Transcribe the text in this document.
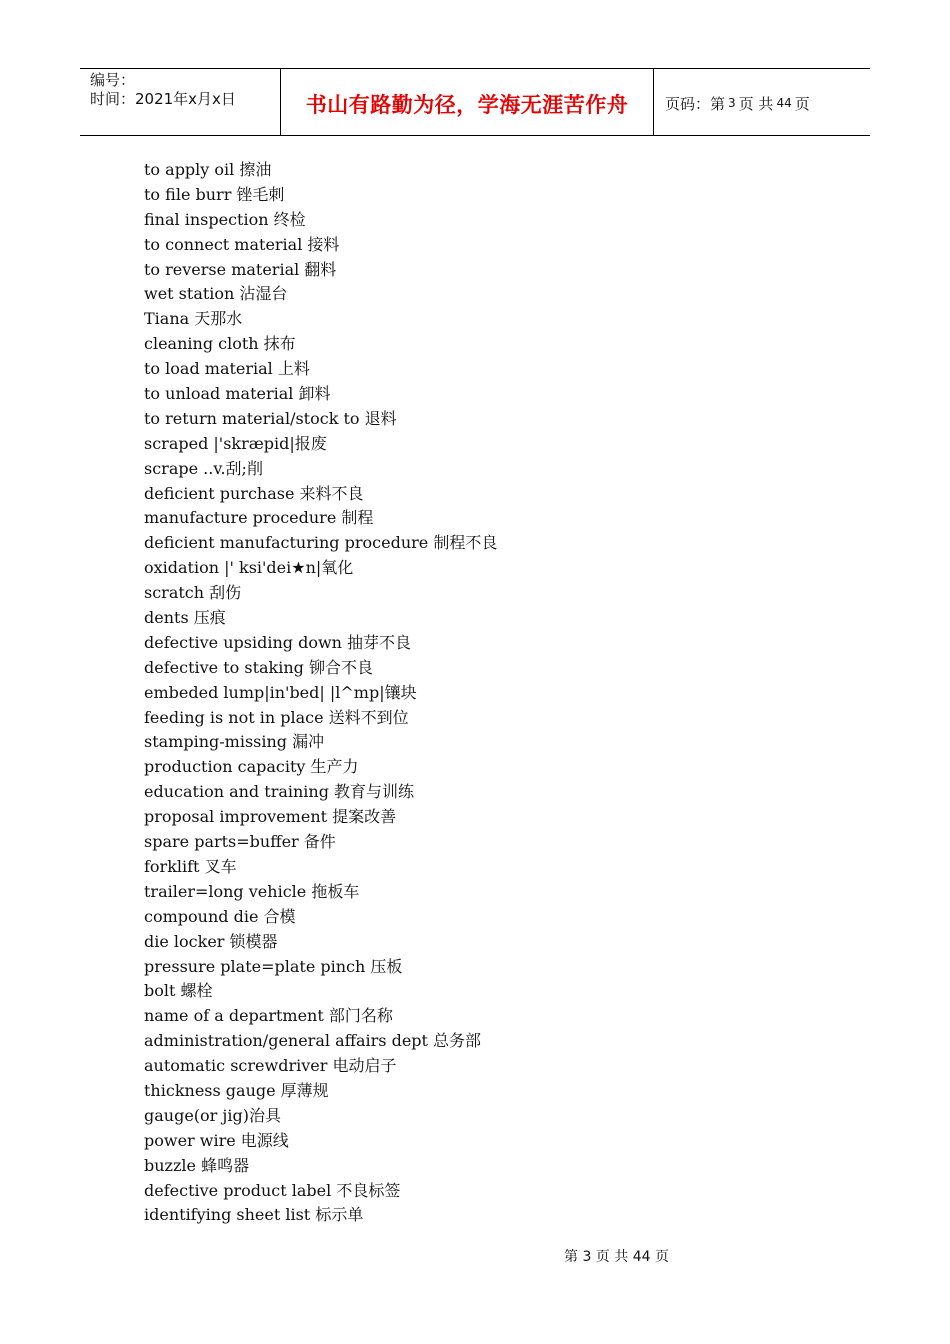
编号：
时间：2021年x月x日	书山有路勤为径，学海无涯苦作舟 页码：第 3 页 共 44 页
to apply oil 擦油
to file burr 锉毛刺
final inspection 终检
to connect material 接料
to reverse material 翻料
wet station 沾湿台
Tiana 天那水
cleaning cloth 抹布
to load material 上料
to unload material 卸料
to return material/stock to 退料
scraped |'skræpid|报废
scrape ..v.刮;削
deficient purchase 来料不良
manufacture procedure 制程
deficient manufacturing procedure 制程不良
oxidation |' ksi'dei★n|氧化
scratch 刮伤
dents 压痕
defective upsiding down 抽芽不良
defective to staking 铆合不良
embeded lump|in'bed| |l^mp|镶块
feeding is not in place 送料不到位
stamping-missing 漏冲
production capacity 生产力
education and training 教育与训练
proposal improvement 提案改善
spare parts=buffer 备件
forklift 叉车
trailer=long vehicle 拖板车
compound die 合模
die locker 锁模器
pressure plate=plate pinch 压板
bolt 螺栓
name of a department 部门名称
administration/general affairs dept 总务部
automatic screwdriver 电动启子
thickness gauge 厚薄规
gauge(or jig)治具
power wire 电源线
buzzle 蜂鸣器
defective product label 不良标签
identifying sheet list 标示单
第 3 页 共 44 页
